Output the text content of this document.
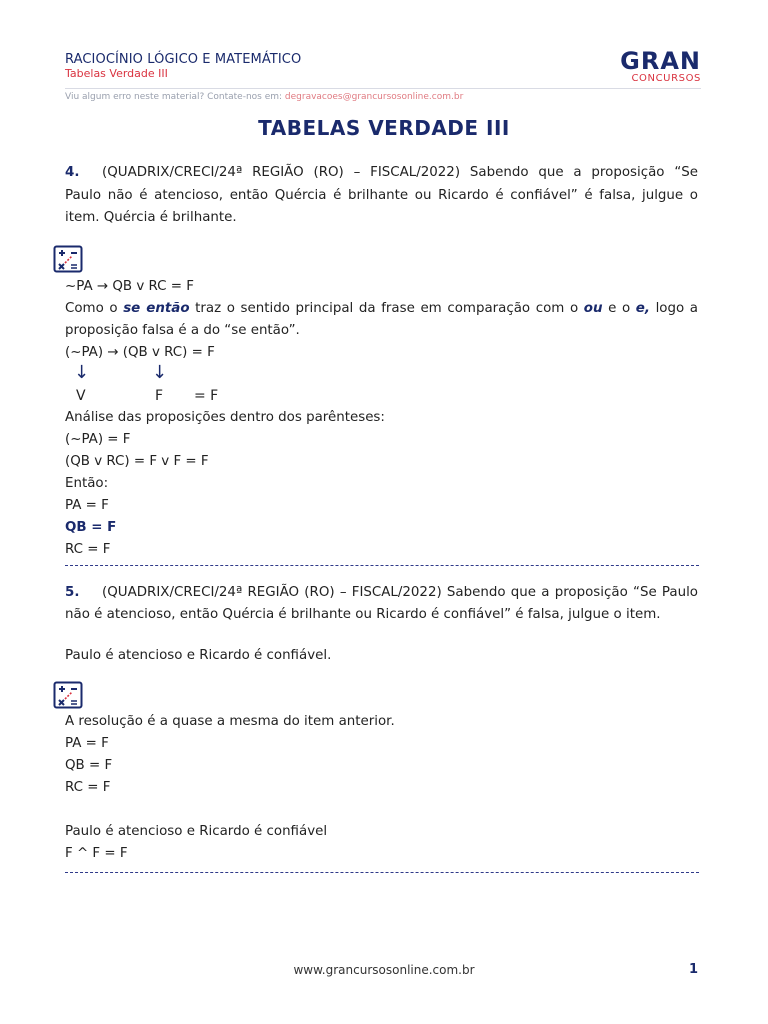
RACIOCÍNIO LÓGICO E MATEMÁTICO
Tabelas Verdade III	GRAN
CONCURSOS
Viu algum erro neste material? Contate-nos em: degravacoes@grancursosonline.com.br
TABELAS VERDADE III
4. (QUADRIX/CRECI/24ª REGIÃO (RO) – FISCAL/2022) Sabendo que a proposição “Se
Paulo não é atencioso, então Quércia é brilhante ou Ricardo é confiável” é falsa, julgue o
item. Quércia é brilhante.
~PA → QB v RC = F
Como o se então traz o sentido principal da frase em comparação com o ou e o e, logo a
proposição falsa é a do “se então”.
(~PA) → (QB v RC) = F
↓	↓
V	F = F
Análise das proposições dentro dos parênteses:
(~PA) = F
(QB v RC) = F v F = F
Então:
PA = F
QB = F
RC = F
5. (QUADRIX/CRECI/24ª REGIÃO (RO) – FISCAL/2022) Sabendo que a proposição “Se Paulo
não é atencioso, então Quércia é brilhante ou Ricardo é confiável” é falsa, julgue o item.
Paulo é atencioso e Ricardo é confiável.
A resolução é a quase a mesma do item anterior.
PA = F
QB = F
RC = F
Paulo é atencioso e Ricardo é confiável
F ^ F = F
www.grancursosonline.com.br	1
